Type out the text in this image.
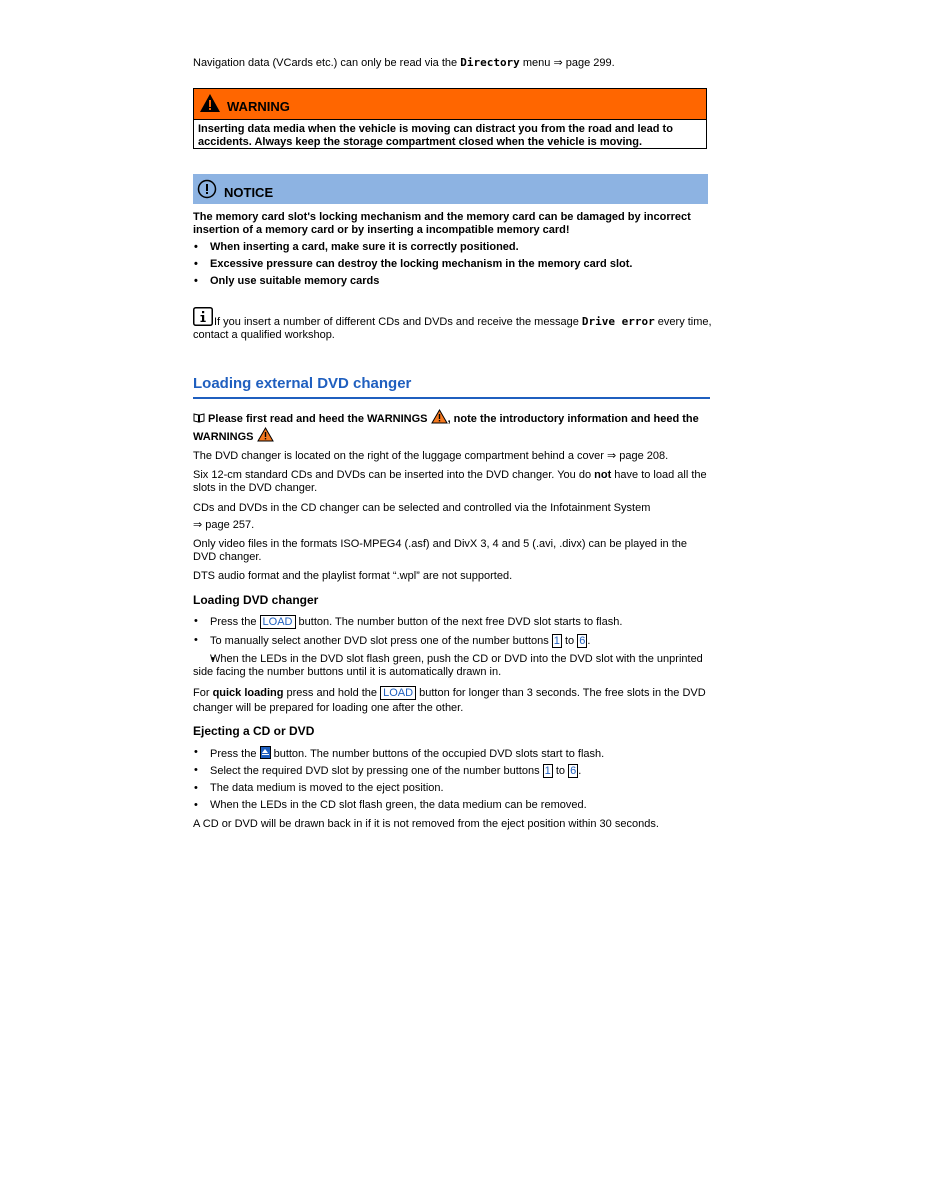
Navigation data (VCards etc.) can only be read via the Directory menu ⇒ page 299.

WARNING
Inserting data media when the vehicle is moving can distract you from the road and lead to accidents. Always keep the storage compartment closed when the vehicle is moving.
NOTICE

The memory card slot's locking mechanism and the memory card can be damaged by incorrect insertion of a memory card or by inserting a incompatible memory card!

• When inserting a card, make sure it is correctly positioned.
• Excessive pressure can destroy the locking mechanism in the memory card slot.
• Only use suitable memory cards

If you insert a number of different CDs and DVDs and receive the message Drive error every time, contact a qualified workshop.

Loading external DVD changer

Please first read and heed the WARNINGS , note the introductory information and heed the WARNINGS

The DVD changer is located on the right of the luggage compartment behind a cover ⇒ page 208.

Six 12-cm standard CDs and DVDs can be inserted into the DVD changer. You do not have to load all the slots in the DVD changer.

CDs and DVDs in the CD changer can be selected and controlled via the Infotainment System

⇒ page 257.

Only video files in the formats ISO-MPEG4 (.asf) and DivX 3, 4 and 5 (.avi, .divx) can be played in the DVD changer.

DTS audio format and the playlist format “.wpl” are not supported.

Loading DVD changer

• Press the LOAD button. The number button of the next free DVD slot starts to flash.
• To manually select another DVD slot press one of the number buttons 1 to 6 .
• When the LEDs in the DVD slot flash green, push the CD or DVD into the DVD slot with the unprinted side facing the number buttons until it is automatically drawn in.

For quick loading press and hold the LOAD button for longer than 3 seconds. The free slots in the DVD changer will be prepared for loading one after the other.

Ejecting a CD or DVD

• Press the  button. The number buttons of the occupied DVD slots start to flash.
• Select the required DVD slot by pressing one of the number buttons 1 to 6 .
• The data medium is moved to the eject position.
• When the LEDs in the CD slot flash green, the data medium can be removed.

A CD or DVD will be drawn back in if it is not removed from the eject position within 30 seconds.
